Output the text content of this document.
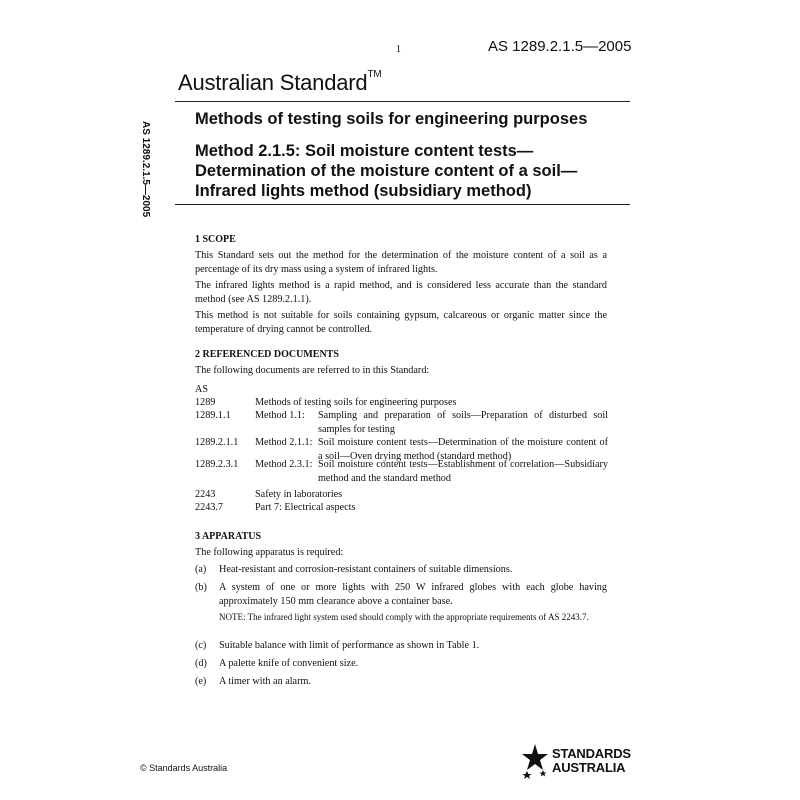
1	AS 1289.2.1.5—2005
Australian Standard™
AS 1289.2.1.5—2005
Methods of testing soils for engineering purposes
Method 2.1.5: Soil moisture content tests—
Determination of the moisture content of a soil—
Infrared lights method (subsidiary method)
1 SCOPE
This Standard sets out the method for the determination of the moisture content of a soil as a percentage of its dry mass using a system of infrared lights.
The infrared lights method is a rapid method, and is considered less accurate than the standard method (see AS 1289.2.1.1).
This method is not suitable for soils containing gypsum, calcareous or organic matter since the temperature of drying cannot be controlled.
2 REFERENCED DOCUMENTS
The following documents are referred to in this Standard:
AS
1289	Methods of testing soils for engineering purposes
1289.1.1	Method 1.1:	Sampling and preparation of soils—Preparation of disturbed soil samples for testing
1289.2.1.1	Method 2.1.1: Soil moisture content tests—Determination of the moisture content of a soil—Oven drying method (standard method)
1289.2.3.1	Method 2.3.1: Soil moisture content tests—Establishment of correlation—Subsidiary method and the standard method
2243	Safety in laboratories
2243.7	Part 7: Electrical aspects
3 APPARATUS
The following apparatus is required:
(a)	Heat-resistant and corrosion-resistant containers of suitable dimensions.
(b)	A system of one or more lights with 250 W infrared globes with each globe having approximately 150 mm clearance above a container base.
NOTE: The infrared light system used should comply with the appropriate requirements of AS 2243.7.
(c)	Suitable balance with limit of performance as shown in Table 1.
(d)	A palette knife of convenient size.
(e)	A timer with an alarm.
© Standards Australia
STANDARDS
AUSTRALIA
